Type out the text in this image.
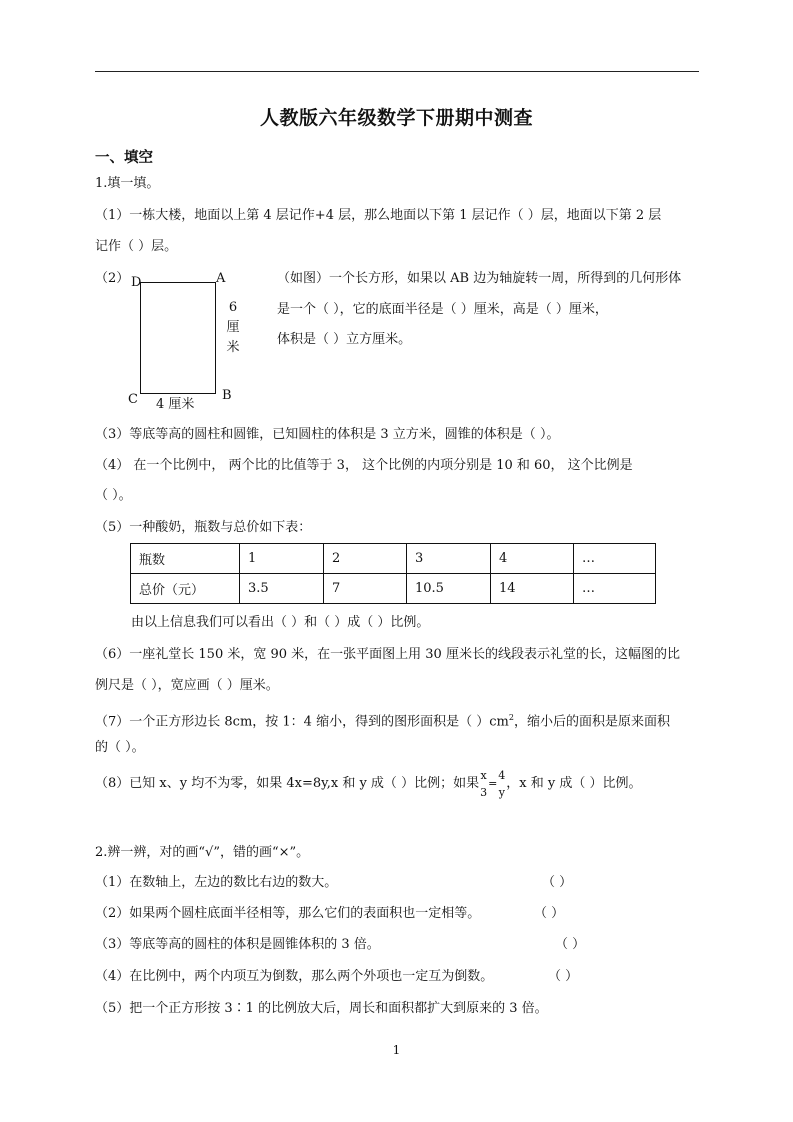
人教版六年级数学下册期中测查
一、填空
1.填一填。
（1）一栋大楼，地面以上第 4 层记作+4 层，那么地面以下第 1 层记作（ ）层，地面以下第 2 层
记作（ ）层。
（2） D	A
C	B
6
厘
米
4 厘米
（如图）一个长方形，如果以 AB 边为轴旋转一周，所得到的几何形体
是一个（ ），它的底面半径是（ ）厘米，高是（ ）厘米，
体积是（ ）立方厘米。
（3）等底等高的圆柱和圆锥，已知圆柱的体积是 3 立方米，圆锥的体积是（ ）。
（4） 在一个比例中， 两个比的比值等于 3， 这个比例的内项分别是 10 和 60， 这个比例是
（ ）。
（5）一种酸奶，瓶数与总价如下表：
瓶数	1	2	3	4	…
总价（元）	3.5	7	10.5	14	…
由以上信息我们可以看出（ ）和（ ）成（ ）比例。
（6）一座礼堂长 150 米，宽 90 米，在一张平面图上用 30 厘米长的线段表示礼堂的长，这幅图的比
例尺是（ ），宽应画（ ）厘米。
（7）一个正方形边长 8cm，按 1：4 缩小，得到的图形面积是（ ）$cm^2$，缩小后的面积是原来面积
的（ ）。
（8）已知 x、y 均不为零，如果 4x=8y,x 和 y 成（ ）比例；如果
x
3
=
4
y
，x 和 y 成（ ）比例。
2.辨一辨，对的画“√”，错的画“×”。
（1）在数轴上，左边的数比右边的数大。	（ ）
（2）如果两个圆柱底面半径相等，那么它们的表面积也一定相等。	（ ）
（3）等底等高的圆柱的体积是圆锥体积的 3 倍。	（ ）
（4）在比例中，两个内项互为倒数，那么两个外项也一定互为倒数。	（ ）
（5）把一个正方形按 3∶1 的比例放大后，周长和面积都扩大到原来的 3 倍。
1
